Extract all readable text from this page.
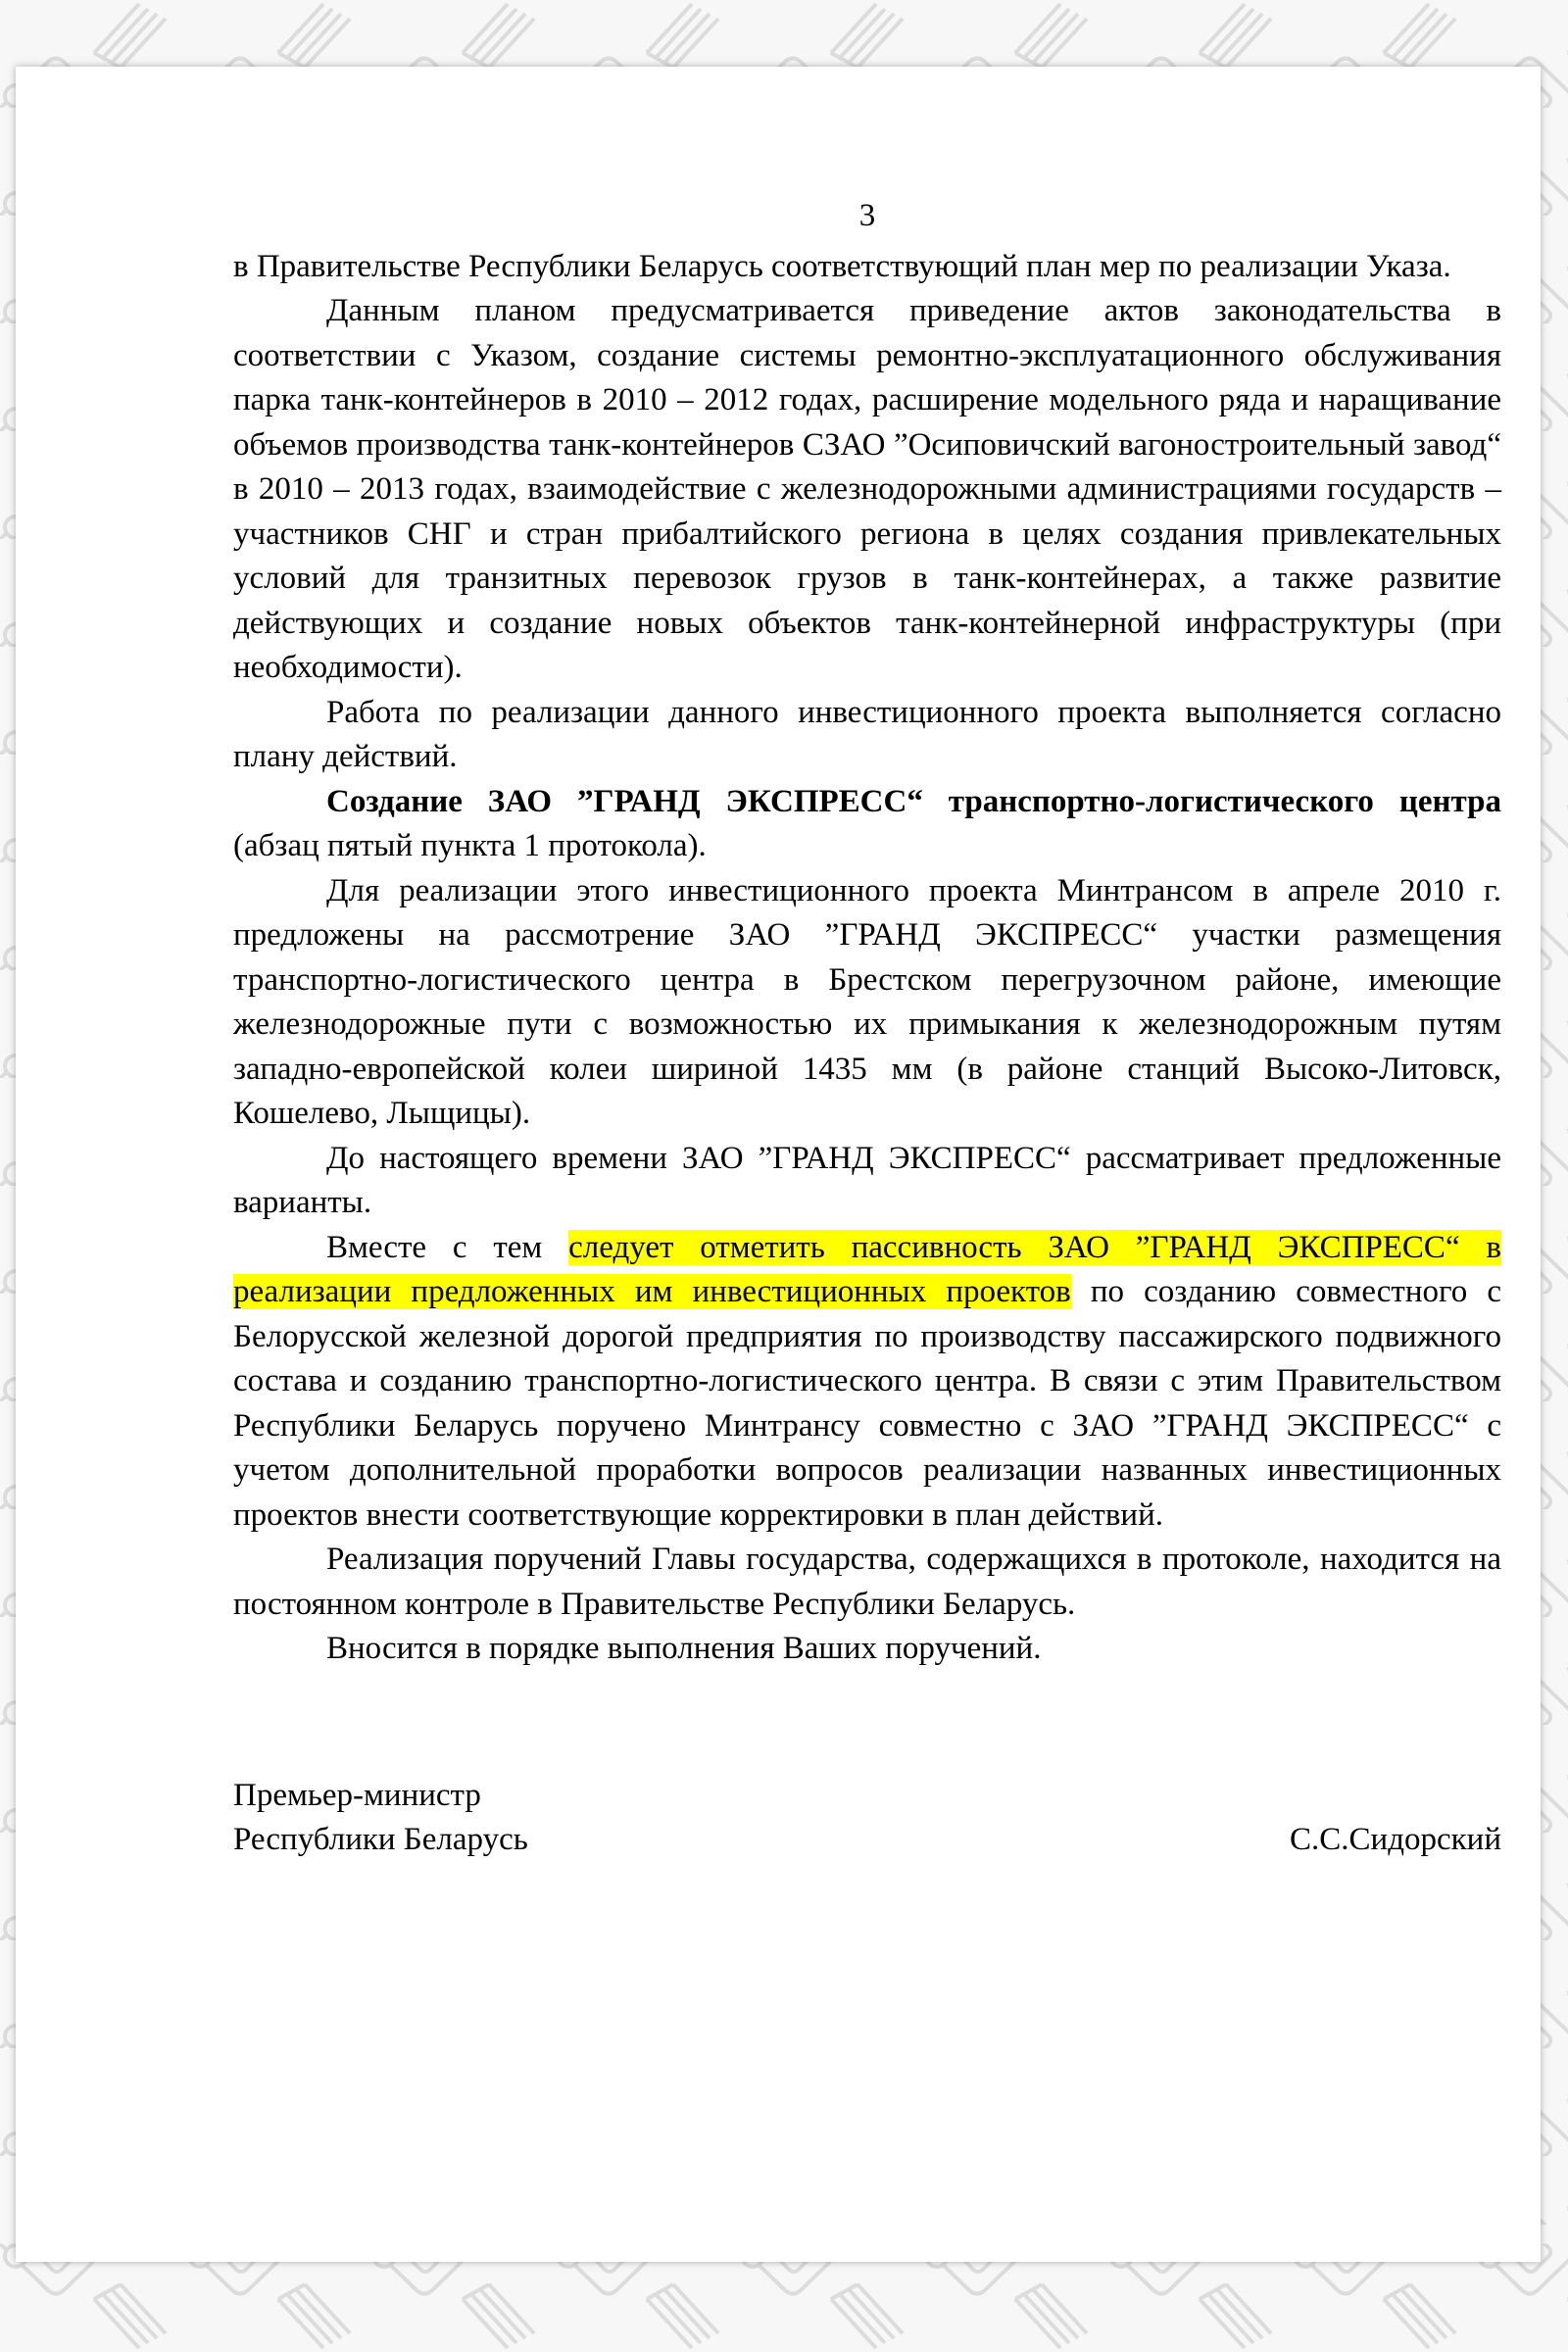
3

в Правительстве Республики Беларусь соответствующий план мер по реализации Указа.

Данным планом предусматривается приведение актов законодательства в соответствии с Указом, создание системы ремонтно-эксплуатационного обслуживания парка танк-контейнеров в 2010 – 2012 годах, расширение модельного ряда и наращивание объемов производства танк-контейнеров СЗАО ”Осиповичский вагоностроительный завод“ в 2010 – 2013 годах, взаимодействие с железнодорожными администрациями государств – участников СНГ и стран прибалтийского региона в целях создания привлекательных условий для транзитных перевозок грузов в танк-контейнерах, а также развитие действующих и создание новых объектов танк-контейнерной инфраструктуры (при необходимости).

Работа по реализации данного инвестиционного проекта выполняется согласно плану действий.

Создание ЗАО ”ГРАНД ЭКСПРЕСС“ транспортно-логистического центра (абзац пятый пункта 1 протокола).

Для реализации этого инвестиционного проекта Минтрансом в апреле 2010 г. предложены на рассмотрение ЗАО ”ГРАНД ЭКСПРЕСС“ участки размещения транспортно-логистического центра в Брестском перегрузочном районе, имеющие железнодорожные пути с возможностью их примыкания к железнодорожным путям западно-европейской колеи шириной 1435 мм (в районе станций Высоко-Литовск, Кошелево, Лыщицы).

До настоящего времени ЗАО ”ГРАНД ЭКСПРЕСС“ рассматривает предложенные варианты.

Вместе с тем следует отметить пассивность ЗАО ”ГРАНД ЭКСПРЕСС“ в реализации предложенных им инвестиционных проектов по созданию совместного с Белорусской железной дорогой предприятия по производству пассажирского подвижного состава и созданию транспортно-логистического центра. В связи с этим Правительством Республики Беларусь поручено Минтрансу совместно с ЗАО ”ГРАНД ЭКСПРЕСС“ с учетом дополнительной проработки вопросов реализации названных инвестиционных проектов внести соответствующие корректировки в план действий.

Реализация поручений Главы государства, содержащихся в протоколе, находится на постоянном контроле в Правительстве Республики Беларусь.

Вносится в порядке выполнения Ваших поручений.

Премьер-министр
Республики Беларусь	С.С.Сидорский
